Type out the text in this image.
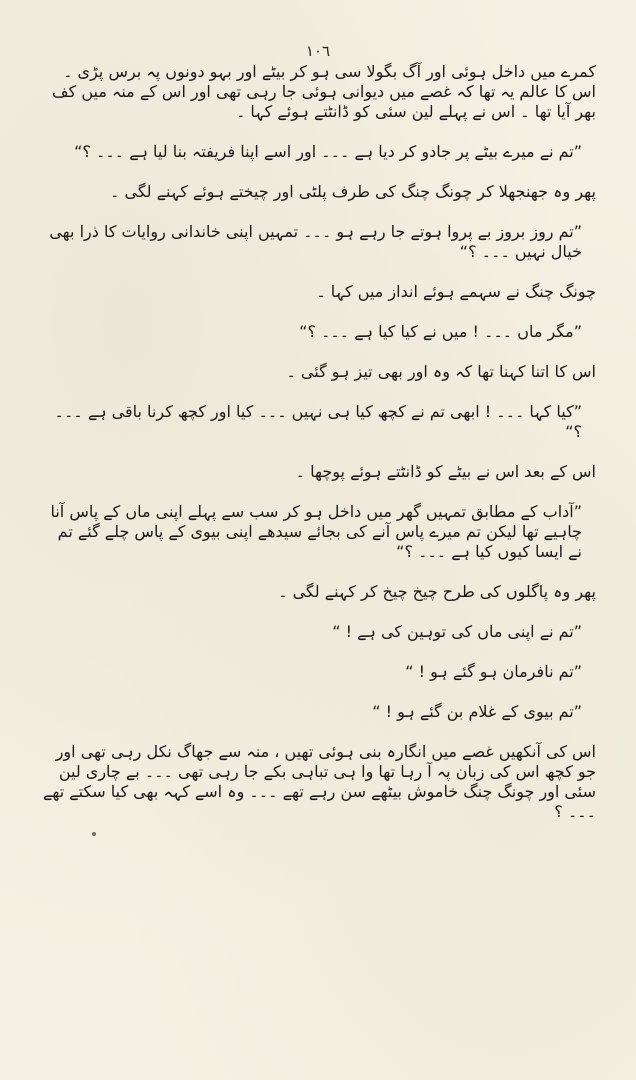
١٠٦

کمرے میں داخل ہوئی اور آگ بگولا سی ہو کر بیٹے اور بہو دونوں پہ برس پڑی ۔ اس کا عالم یہ تھا کہ غصے میں دیوانی ہوئی جا رہی تھی اور اس کے منہ میں کف بھر آیا تھا ۔ اس نے پہلے لین سئی کو ڈانٹتے ہوئے کہا ۔

”تم نے میرے بیٹے پر جادو کر دیا ہے ۔۔۔ اور اسے اپنا فریفتہ بنا لیا ہے ۔۔۔ ؟“

پھر وہ جھنجھلا کر چونگ چنگ کی طرف پلٹی اور چیختے ہوئے کہنے لگی ۔

”تم روز بروز بے پروا ہوتے جا رہے ہو ۔۔۔ تمہیں اپنی خاندانی روایات کا ذرا بھی خیال نہیں ۔۔۔ ؟“

چونگ چنگ نے سہمے ہوئے انداز میں کہا ۔

”مگر ماں ۔۔۔ ! میں نے کیا کیا ہے ۔۔۔ ؟“

اس کا اتنا کہنا تھا کہ وہ اور بھی تیز ہو گئی ۔

”کیا کہا ۔۔۔ ! ابھی تم نے کچھ کیا ہی نہیں ۔۔۔ کیا اور کچھ کرنا باقی ہے ۔۔۔ ؟“

اس کے بعد اس نے بیٹے کو ڈانٹتے ہوئے پوچھا ۔

”آداب کے مطابق تمہیں گھر میں داخل ہو کر سب سے پہلے اپنی ماں کے پاس آنا چاہیے تھا لیکن تم میرے پاس آنے کی بجائے سیدھے اپنی بیوی کے پاس چلے گئے تم نے ایسا کیوں کیا ہے ۔۔۔ ؟“

پھر وہ پاگلوں کی طرح چیخ چیخ کر کہنے لگی ۔

”تم نے اپنی ماں کی توہین کی ہے ! “

”تم نافرمان ہو گئے ہو ! “

”تم بیوی کے غلام بن گئے ہو ! “

اس کی آنکھیں غصے میں انگارہ بنی ہوئی تھیں ، منہ سے جھاگ نکل رہی تھی اور جو کچھ اس کی زبان پہ آ رہا تھا وا ہی تباہی بکے جا رہی تھی ۔۔۔ بے چاری لین سئی اور چونگ چنگ خاموش بیٹھے سن رہے تھے ۔۔۔ وہ اسے کہہ بھی کیا سکتے تھے ۔۔۔ ؟
